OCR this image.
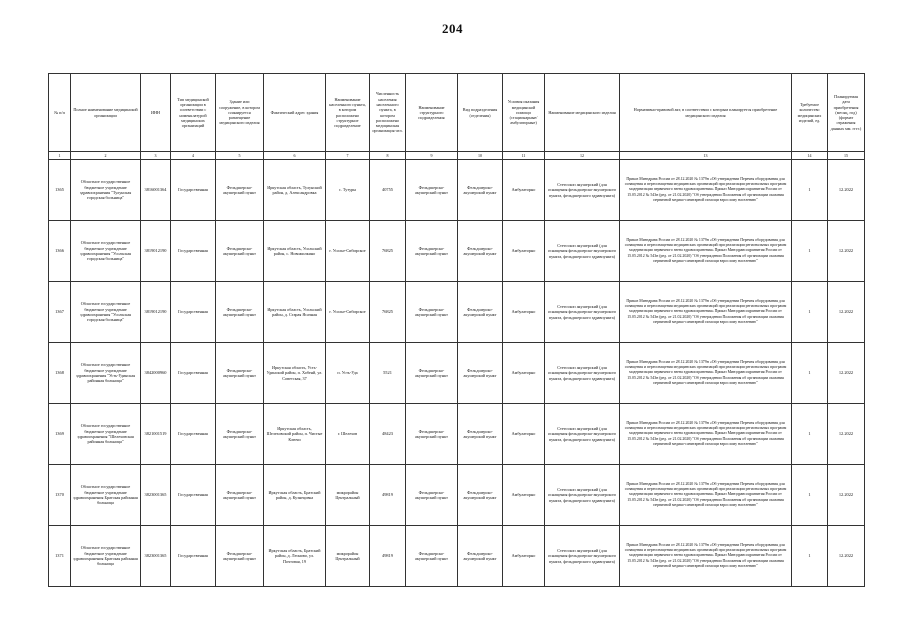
204
№ п/п	Полное наименование медицинской организации	ИНН	Тип медицинской организации в соответствии с номенклатурой медицинских организаций	Здание или сооружение, в котором планируется размещение медицинского изделия	Фактический адрес здания	Наименование населенного пункта, в котором расположено структурное подразделение	Численность населения населенного пункта, в котором расположено медицинская организация чел.	Наименование структурного подразделения	Вид подразделения (отделения)	Условия оказания медицинской помощи (стационарные/ амбулаторные)	Наименование медицинского изделия	Нормативно-правовой акт, в соответствии с которым планируется приобретение медицинского изделия	Требуемое количество медицинских изделий, ед.	Планируемая дата приобретения (месяц, год) (формат отражения данных мм. гггг.)
1	2	3	4	5	6	7	8	9	10	11	12	13	14	15
1365	Областное государственное бюджетное учреждение здравоохранения "Тулунская городская больница"	3816001364	Государственная	Фельдшерско-акушерский пункт	Иркутская область, Тулунский район, д. Александровка	с. Тутуры	40755	Фельдшерско-акушерский пункт	Фельдшерско-акушерский пункт	Амбулаторно	Стетоскоп акушерский (для оснащения фельдшерско-акушерского пункта, фельдшерского здравпункта)	Приказ Минздрава России от 28.12.2020 № 1379н «Об утверждении Перечня оборудования для оснащения и переоснащения медицинских организаций при реализации региональных программ модернизации первичного звена здравоохранения» Приказ Минздравсоцразвития России от 15.05.2012 № 543н (ред. от 21.02.2020) "Об утверждении Положения об организации оказания первичной медико-санитарной помощи взрослому населению"	1	12.2022
1366	Областное государственное бюджетное учреждение здравоохранения "Усольская городская больница"	3819012190	Государственная	Фельдшерско-акушерский пункт	Иркутская область, Усольский район, с. Новожилкино	г. Усолье-Сибирское	76825	Фельдшерско-акушерский пункт	Фельдшерско-акушерский пункт	Амбулаторно	Стетоскоп акушерский (для оснащения фельдшерско-акушерского пункта, фельдшерского здравпункта)	Приказ Минздрава России от 28.12.2020 № 1379н «Об утверждении Перечня оборудования для оснащения и переоснащения медицинских организаций при реализации региональных программ модернизации первичного звена здравоохранения» Приказ Минздравсоцразвития России от 15.05.2012 № 543н (ред. от 21.02.2020) "Об утверждении Положения об организации оказания первичной медико-санитарной помощи взрослому населению"	1	12.2022
1367	Областное государственное бюджетное учреждение здравоохранения "Усольская городская больница"	3819012190	Государственная	Фельдшерско-акушерский пункт	Иркутская область, Усольский район, д. Старая Ясачная	г. Усолье-Сибирское	76825	Фельдшерско-акушерский пункт	Фельдшерско-акушерский пункт	Амбулаторно	Стетоскоп акушерский (для оснащения фельдшерско-акушерского пункта, фельдшерского здравпункта)	Приказ Минздрава России от 28.12.2020 № 1379н «Об утверждении Перечня оборудования для оснащения и переоснащения медицинских организаций при реализации региональных программ модернизации первичного звена здравоохранения» Приказ Минздравсоцразвития России от 15.05.2012 № 543н (ред. от 21.02.2020) "Об утверждении Положения об организации оказания первичной медико-санитарной помощи взрослому населению"	1	12.2022
1368	Областное государственное бюджетное учреждение здравоохранения "Усть-Удинская районная больница"	3842000960	Государственная	Фельдшерско-акушерский пункт	Иркутская область, Усть-Удинский район, п. Хобенй, ул. Советская, 37	п. Усть-Уда	5521	Фельдшерско-акушерский пункт	Фельдшерско-акушерский пункт	Амбулаторно	Стетоскоп акушерский (для оснащения фельдшерско-акушерского пункта, фельдшерского здравпункта)	Приказ Минздрава России от 28.12.2020 № 1379н «Об утверждении Перечня оборудования для оснащения и переоснащения медицинских организаций при реализации региональных программ модернизации первичного звена здравоохранения» Приказ Минздравсоцразвития России от 15.05.2012 № 543н (ред. от 21.02.2020) "Об утверждении Положения об организации оказания первичной медико-санитарной помощи взрослому населению"	1	12.2022
1369	Областное государственное бюджетное учреждение здравоохранения "Шелеховская районная больница"	3821001519	Государственная	Фельдшерско-акушерский пункт	Иркутская область, Шелеховский район, п. Чистые Ключи	г. Шелехов	48423	Фельдшерско-акушерский пункт	Фельдшерско-акушерский пункт	Амбулаторно	Стетоскоп акушерский (для оснащения фельдшерско-акушерского пункта, фельдшерского здравпункта)	Приказ Минздрава России от 28.12.2020 № 1379н «Об утверждении Перечня оборудования для оснащения и переоснащения медицинских организаций при реализации региональных программ модернизации первичного звена здравоохранения» Приказ Минздравсоцразвития России от 15.05.2012 № 543н (ред. от 21.02.2020) "Об утверждении Положения об организации оказания первичной медико-санитарной помощи взрослому населению"	1	12.2022
1370	Областное государственное бюджетное учреждение здравоохранения Братская районная больница	3823001365	Государственная	Фельдшерско-акушерский пункт	Иркутская область, Братский район, д. Кузнецовка	микрорайон Центральный	49819	Фельдшерско-акушерский пункт	Фельдшерско-акушерский пункт	Амбулаторно	Стетоскоп акушерский (для оснащения фельдшерско-акушерского пункта, фельдшерского здравпункта)	Приказ Минздрава России от 28.12.2020 № 1379н «Об утверждении Перечня оборудования для оснащения и переоснащения медицинских организаций при реализации региональных программ модернизации первичного звена здравоохранения» Приказ Минздравсоцразвития России от 15.05.2012 № 543н (ред. от 21.02.2020) "Об утверждении Положения об организации оказания первичной медико-санитарной помощи взрослому населению"	1	12.2022
1371	Областное государственное бюджетное учреждение здравоохранения Братская районная больница	3823001365	Государственная	Фельдшерско-акушерский пункт	Иркутская область, Братский район, д. Леоново, ул. Почтовая, 19	микрорайон Центральный	49819	Фельдшерско-акушерский пункт	Фельдшерско-акушерский пункт	Амбулаторно	Стетоскоп акушерский (для оснащения фельдшерско-акушерского пункта, фельдшерского здравпункта)	Приказ Минздрава России от 28.12.2020 № 1379н «Об утверждении Перечня оборудования для оснащения и переоснащения медицинских организаций при реализации региональных программ модернизации первичного звена здравоохранения» Приказ Минздравсоцразвития России от 15.05.2012 № 543н (ред. от 21.02.2020) "Об утверждении Положения об организации оказания первичной медико-санитарной помощи взрослому населению"	1	12.2022
